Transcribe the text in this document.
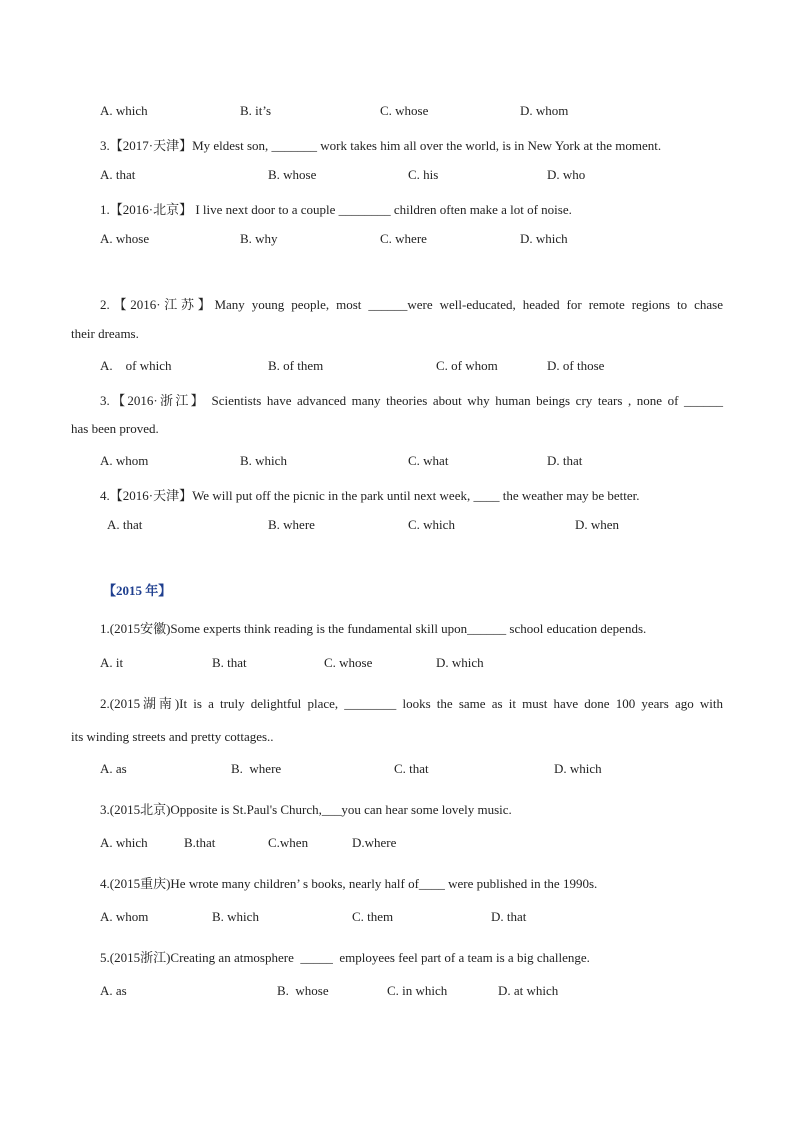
A. which	B. it’s	C. whose	D. whom
3.【2017·天津】My eldest son, _______ work takes him all over the world, is in New York at the moment.
A. that	B. whose	C. his	D. who
1.【2016·北京】 I live next door to a couple ________ children often make a lot of noise.
A. whose	B. why	C. where	D. which
2.【2016·江苏】Many young people, most ______were well-educated, headed for remote regions to chase
their dreams.
A.    of which	B. of them	C. of whom	D. of those
3.【2016·浙江】 Scientists have advanced many theories about why human beings cry tears , none of ______
has been proved.
A. whom	B. which	C. what	D. that
4.【2016·天津】We will put off the picnic in the park until next week, ____ the weather may be better.
A. that	B. where	C. which	D. when
【2015 年】
1.(2015安徽)Some experts think reading is the fundamental skill upon______ school education depends.
A. it	B. that	C. whose	D. which
2.(2015湖南)It is a truly delightful place, ________ looks the same as it must have done 100 years ago with
its winding streets and pretty cottages..
A. as	B.  where	C. that	D. which
3.(2015北京)Opposite is St.Paul's Church,___you can hear some lovely music.
A. which	B.that	C.when	D.where
4.(2015重庆)He wrote many children’ s books, nearly half of____ were published in the 1990s.
A. whom	B. which	C. them	D. that
5.(2015浙江)Creating an atmosphere  _____  employees feel part of a team is a big challenge.
A. as	B.  whose	C. in which	D. at which
